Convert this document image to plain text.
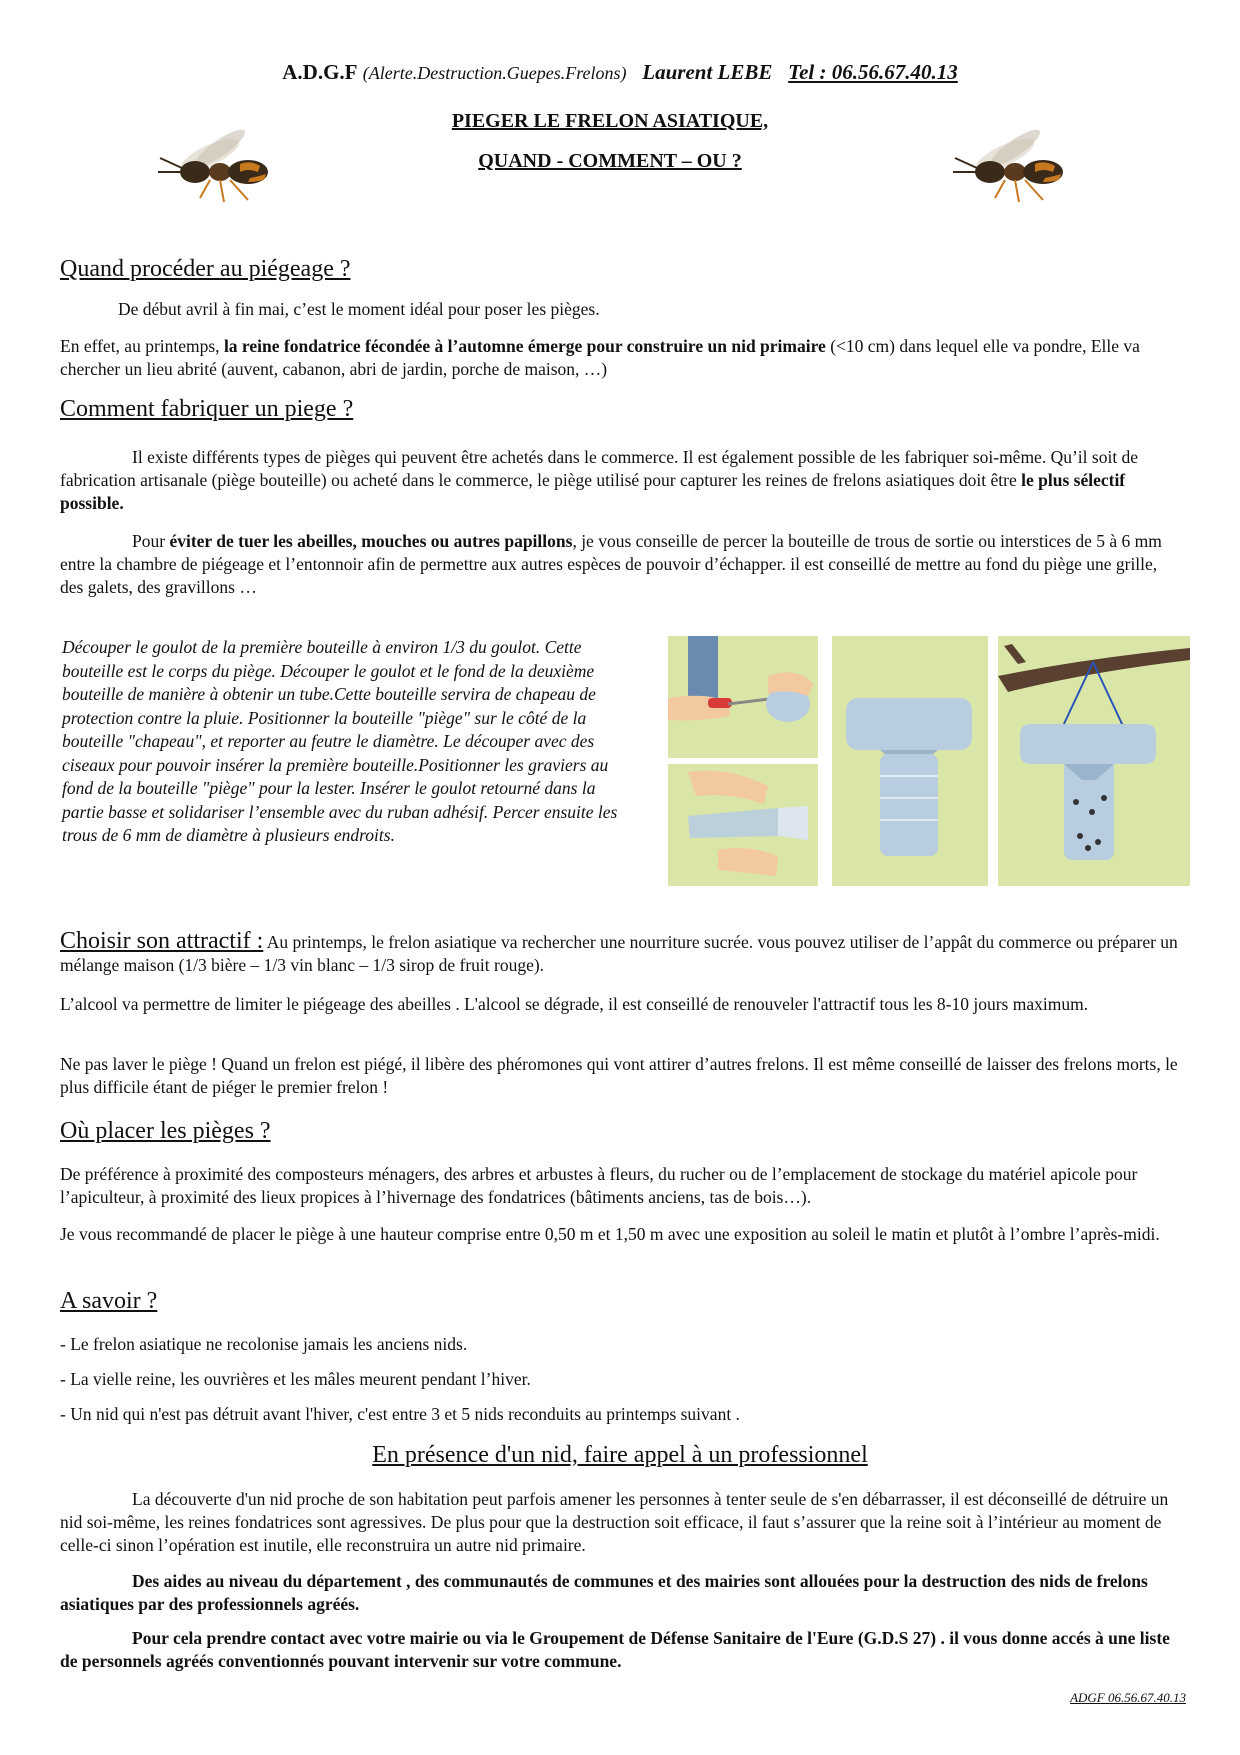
A.D.G.F (Alerte.Destruction.Guepes.Frelons) Laurent LEBE Tel : 06.56.67.40.13
PIEGER LE FRELON ASIATIQUE,
QUAND - COMMENT – OU ?
Quand procéder au piégeage ?

De début avril à fin mai, c’est le moment idéal pour poser les pièges.

En effet, au printemps, la reine fondatrice fécondée à l’automne émerge pour construire un nid primaire (<10 cm) dans lequel elle va pondre, Elle va chercher un lieu abrité (auvent, cabanon, abri de jardin, porche de maison, …)

Comment fabriquer un piege ?

Il existe différents types de pièges qui peuvent être achetés dans le commerce. Il est également possible de les fabriquer soi-même. Qu’il soit de fabrication artisanale (piège bouteille) ou acheté dans le commerce, le piège utilisé pour capturer les reines de frelons asiatiques doit être le plus sélectif possible.

Pour éviter de tuer les abeilles, mouches ou autres papillons, je vous conseille de percer la bouteille de trous de sortie ou interstices de 5 à 6 mm entre la chambre de piégeage et l’entonnoir afin de permettre aux autres espèces de pouvoir d’échapper. il est conseillé de mettre au fond du piège une grille, des galets, des gravillons …

Découper le goulot de la première bouteille à environ 1/3 du goulot. Cette bouteille est le corps du piège. Découper le goulot et le fond de la deuxième bouteille de manière à obtenir un tube.Cette bouteille servira de chapeau de protection contre la pluie. Positionner la bouteille "piège" sur le côté de la bouteille "chapeau", et reporter au feutre le diamètre. Le découper avec des ciseaux pour pouvoir insérer la première bouteille.Positionner les graviers au fond de la bouteille "piège" pour la lester. Insérer le goulot retourné dans la partie basse et solidariser l’ensemble avec du ruban adhésif. Percer ensuite les trous de 6 mm de diamètre à plusieurs endroits.

Choisir son attractif : Au printemps, le frelon asiatique va rechercher une nourriture sucrée. vous pouvez utiliser de l’appât du commerce ou préparer un mélange maison (1/3 bière – 1/3 vin blanc – 1/3 sirop de fruit rouge).

L’alcool va permettre de limiter le piégeage des abeilles . L'alcool se dégrade, il est conseillé de renouveler l'attractif tous les 8-10 jours maximum.

Ne pas laver le piège ! Quand un frelon est piégé, il libère des phéromones qui vont attirer d’autres frelons. Il est même conseillé de laisser des frelons morts, le plus difficile étant de piéger le premier frelon !

Où placer les pièges ?

De préférence à proximité des composteurs ménagers, des arbres et arbustes à fleurs, du rucher ou de l’emplacement de stockage du matériel apicole pour l’apiculteur, à proximité des lieux propices à l’hivernage des fondatrices (bâtiments anciens, tas de bois…).

Je vous recommandé de placer le piège à une hauteur comprise entre 0,50 m et 1,50 m avec une exposition au soleil le matin et plutôt à l’ombre l’après-midi.

A savoir ?

- Le frelon asiatique ne recolonise jamais les anciens nids.

- La vielle reine, les ouvrières et les mâles meurent pendant l’hiver.

- Un nid qui n'est pas détruit avant l'hiver, c'est entre 3 et 5 nids reconduits au printemps suivant .

En présence d'un nid, faire appel à un professionnel

La découverte d'un nid proche de son habitation peut parfois amener les personnes à tenter seule de s'en débarrasser, il est déconseillé de détruire un nid soi-même, les reines fondatrices sont agressives. De plus pour que la destruction soit efficace, il faut s’assurer que la reine soit à l’intérieur au moment de celle-ci sinon l’opération est inutile, elle reconstruira un autre nid primaire.

Des aides au niveau du département , des communautés de communes et des mairies sont allouées pour la destruction des nids de frelons asiatiques par des professionnels agréés.

Pour cela prendre contact avec votre mairie ou via le Groupement de Défense Sanitaire de l'Eure (G.D.S 27) . il vous donne accés à une liste de personnels agréés conventionnés pouvant intervenir sur votre commune.

ADGF 06.56.67.40.13
